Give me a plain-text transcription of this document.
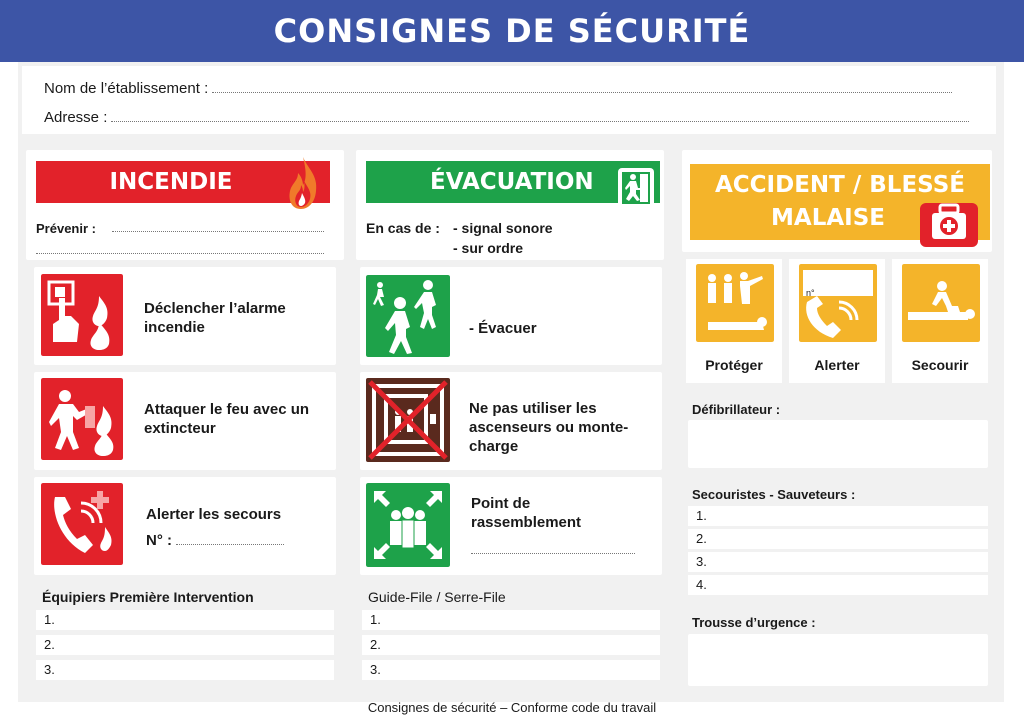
CONSIGNES DE SÉCURITÉ
Nom de l’établissement :
Adresse :
INCENDIE
Prévenir :
Déclencher l’alarme incendie
Attaquer le feu avec un extincteur
Alerter les secours
N° :
Équipiers Première Intervention
1.
2.
3.
ÉVACUATION
En cas de : - signal sonore
- sur ordre
- Évacuer
Ne pas utiliser les ascenseurs ou monte-charge
Point de rassemblement
Guide-File / Serre-File
1.
2.
3.
ACCIDENT / BLESSÉ
MALAISE
Protéger
n°
Alerter	Secourir
Défibrillateur :
Secouristes - Sauveteurs :
1.
2.
3.
4.
Trousse d’urgence :
Consignes de sécurité – Conforme code du travail
